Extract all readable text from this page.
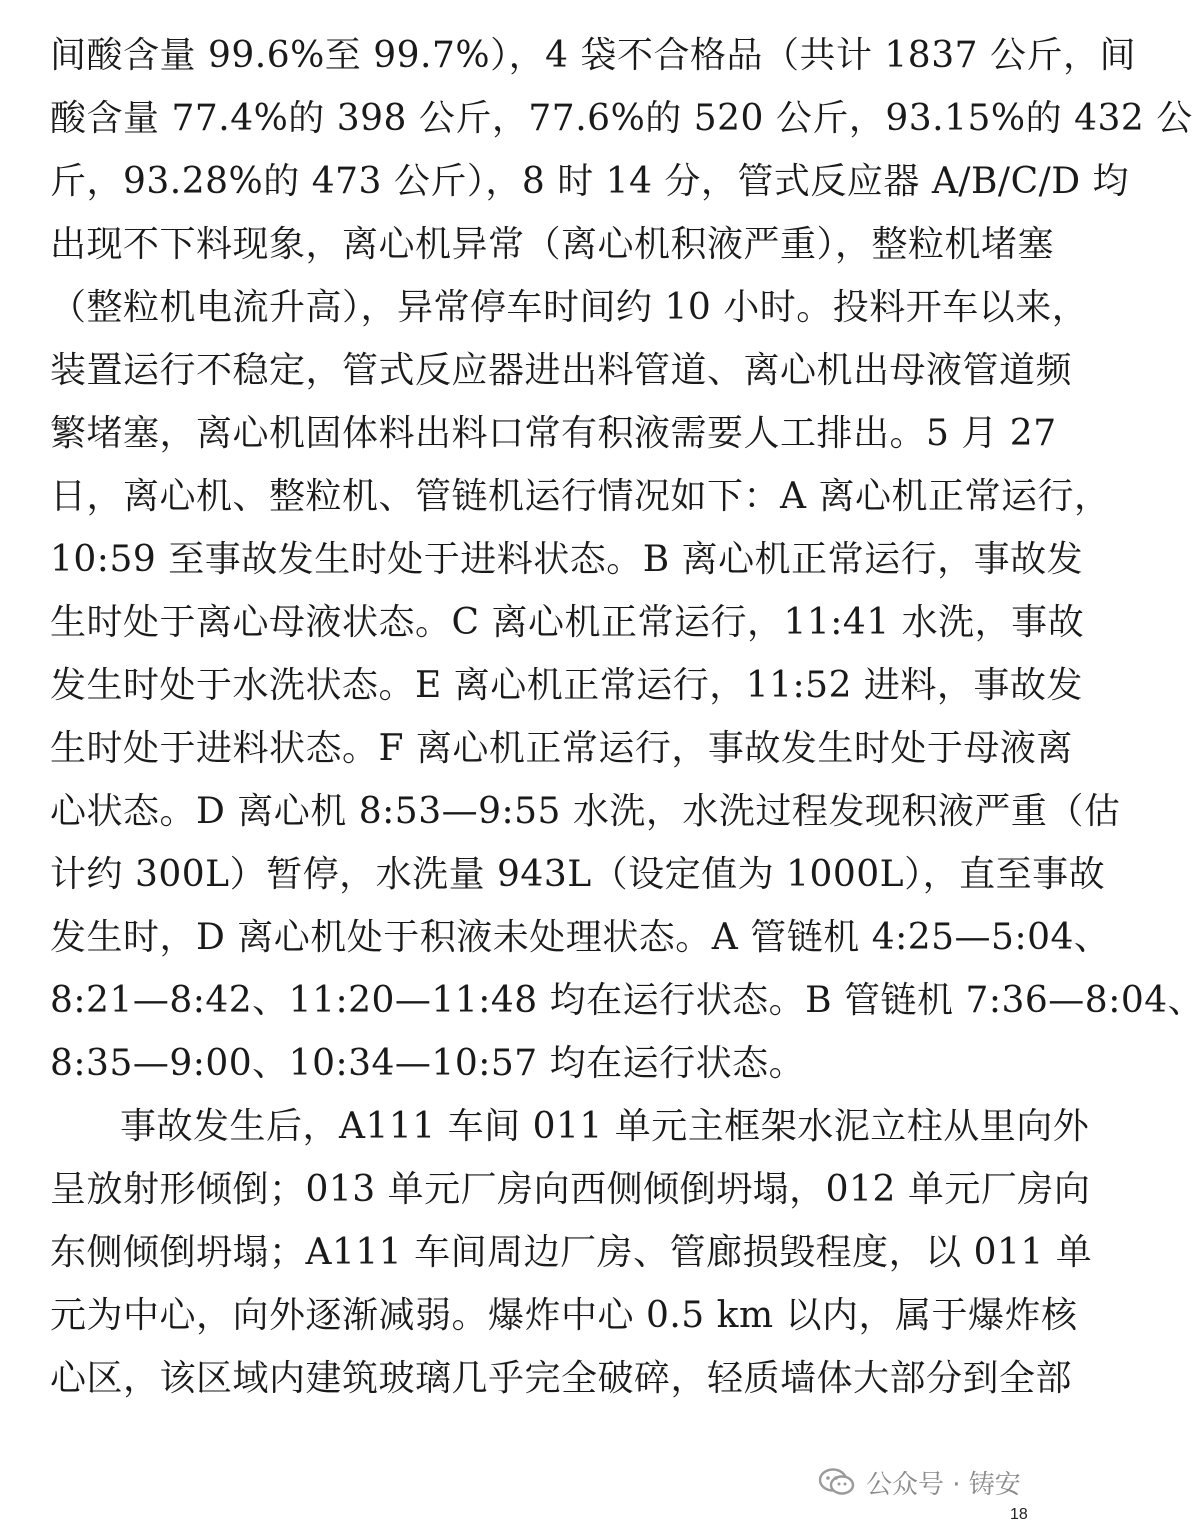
间酸含量 99.6%至 99.7%），4 袋不合格品（共计 1837 公斤，间
酸含量 77.4%的 398 公斤，77.6%的 520 公斤，93.15%的 432 公
斤，93.28%的 473 公斤），8 时 14 分，管式反应器 A/B/C/D 均
出现不下料现象，离心机异常（离心机积液严重），整粒机堵塞
（整粒机电流升高），异常停车时间约 10 小时。投料开车以来，
装置运行不稳定，管式反应器进出料管道、离心机出母液管道频
繁堵塞，离心机固体料出料口常有积液需要人工排出。5 月 27
日，离心机、整粒机、管链机运行情况如下：A 离心机正常运行，
10:59 至事故发生时处于进料状态。B 离心机正常运行，事故发
生时处于离心母液状态。C 离心机正常运行，11:41 水洗，事故
发生时处于水洗状态。E 离心机正常运行，11:52 进料，事故发
生时处于进料状态。F 离心机正常运行，事故发生时处于母液离
心状态。D 离心机 8:53—9:55 水洗，水洗过程发现积液严重（估
计约 300L）暂停，水洗量 943L（设定值为 1000L），直至事故
发生时，D 离心机处于积液未处理状态。A 管链机 4:25—5:04、
8:21—8:42、11:20—11:48 均在运行状态。B 管链机 7:36—8:04、
8:35—9:00、10:34—10:57 均在运行状态。
事故发生后，A111 车间 011 单元主框架水泥立柱从里向外
呈放射形倾倒；013 单元厂房向西侧倾倒坍塌，012 单元厂房向
东侧倾倒坍塌；A111 车间周边厂房、管廊损毁程度，以 011 单
元为中心，向外逐渐减弱。爆炸中心 0.5 km 以内，属于爆炸核
心区，该区域内建筑玻璃几乎完全破碎，轻质墙体大部分到全部
公众号 · 铸安
18
